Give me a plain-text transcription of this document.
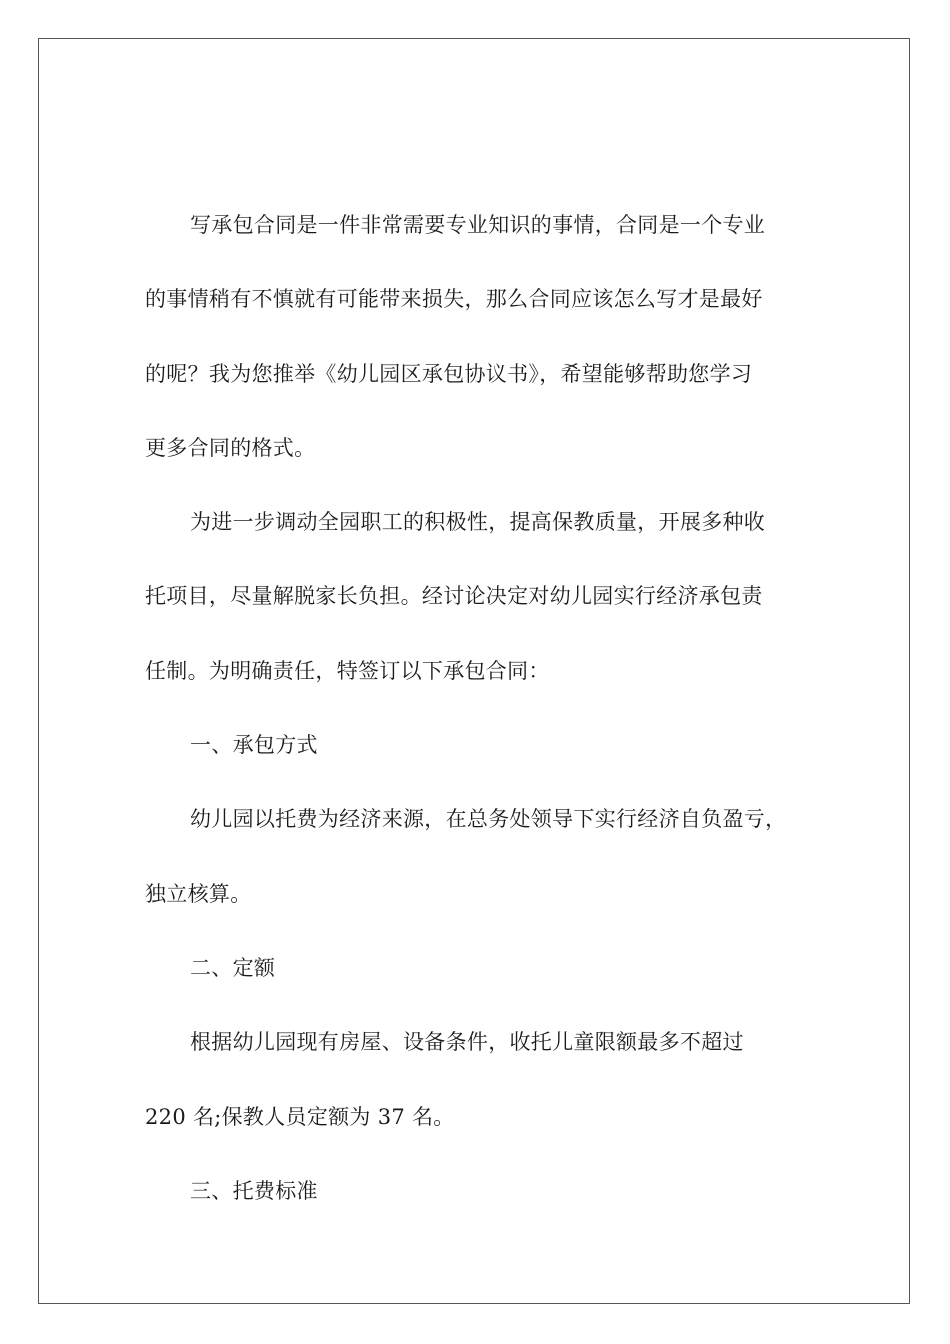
写承包合同是一件非常需要专业知识的事情，合同是一个专业
的事情稍有不慎就有可能带来损失，那么合同应该怎么写才是最好
的呢？我为您推举《幼儿园区承包协议书》，希望能够帮助您学习
更多合同的格式。
为进一步调动全园职工的积极性，提高保教质量，开展多种收
托项目，尽量解脱家长负担。经讨论决定对幼儿园实行经济承包责
任制。为明确责任，特签订以下承包合同：
一、承包方式
幼儿园以托费为经济来源，在总务处领导下实行经济自负盈亏，
独立核算。
二、定额
根据幼儿园现有房屋、设备条件，收托儿童限额最多不超过
220 名;保教人员定额为 37 名。
三、托费标准
